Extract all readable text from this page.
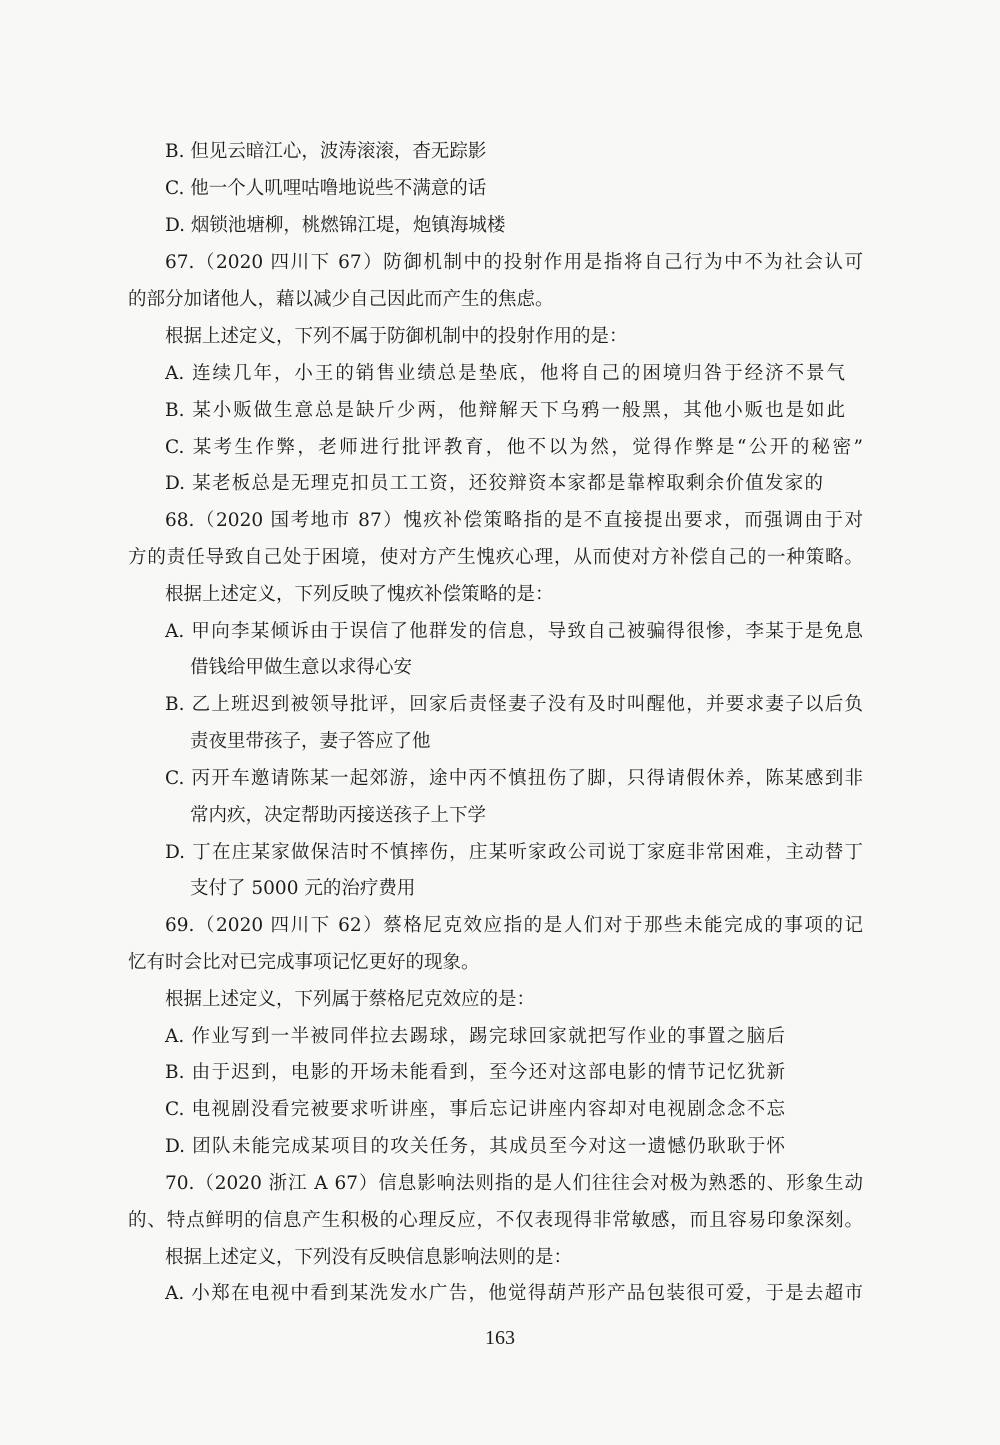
B. 但见云暗江心，波涛滚滚，杳无踪影
C. 他一个人叽哩咕噜地说些不满意的话
D. 烟锁池塘柳，桃燃锦江堤，炮镇海城楼
67.（2020 四川下 67）防御机制中的投射作用是指将自己行为中不为社会认可
的部分加诸他人，藉以减少自己因此而产生的焦虑。
根据上述定义，下列不属于防御机制中的投射作用的是：
A. 连续几年，小王的销售业绩总是垫底，他将自己的困境归咎于经济不景气
B. 某小贩做生意总是缺斤少两，他辩解天下乌鸦一般黑，其他小贩也是如此
C. 某考生作弊，老师进行批评教育，他不以为然，觉得作弊是“公开的秘密”
D. 某老板总是无理克扣员工工资，还狡辩资本家都是靠榨取剩余价值发家的
68.（2020 国考地市 87）愧疚补偿策略指的是不直接提出要求，而强调由于对
方的责任导致自己处于困境，使对方产生愧疚心理，从而使对方补偿自己的一种策略。
根据上述定义，下列反映了愧疚补偿策略的是：
A. 甲向李某倾诉由于误信了他群发的信息，导致自己被骗得很惨，李某于是免息
借钱给甲做生意以求得心安
B. 乙上班迟到被领导批评，回家后责怪妻子没有及时叫醒他，并要求妻子以后负
责夜里带孩子，妻子答应了他
C. 丙开车邀请陈某一起郊游，途中丙不慎扭伤了脚，只得请假休养，陈某感到非
常内疚，决定帮助丙接送孩子上下学
D. 丁在庄某家做保洁时不慎摔伤，庄某听家政公司说丁家庭非常困难，主动替丁
支付了 5000 元的治疗费用
69.（2020 四川下 62）蔡格尼克效应指的是人们对于那些未能完成的事项的记
忆有时会比对已完成事项记忆更好的现象。
根据上述定义，下列属于蔡格尼克效应的是：
A. 作业写到一半被同伴拉去踢球，踢完球回家就把写作业的事置之脑后
B. 由于迟到，电影的开场未能看到，至今还对这部电影的情节记忆犹新
C. 电视剧没看完被要求听讲座，事后忘记讲座内容却对电视剧念念不忘
D. 团队未能完成某项目的攻关任务，其成员至今对这一遗憾仍耿耿于怀
70.（2020 浙江 A 67）信息影响法则指的是人们往往会对极为熟悉的、形象生动
的、特点鲜明的信息产生积极的心理反应，不仅表现得非常敏感，而且容易印象深刻。
根据上述定义，下列没有反映信息影响法则的是：
A. 小郑在电视中看到某洗发水广告，他觉得葫芦形产品包装很可爱，于是去超市
163
